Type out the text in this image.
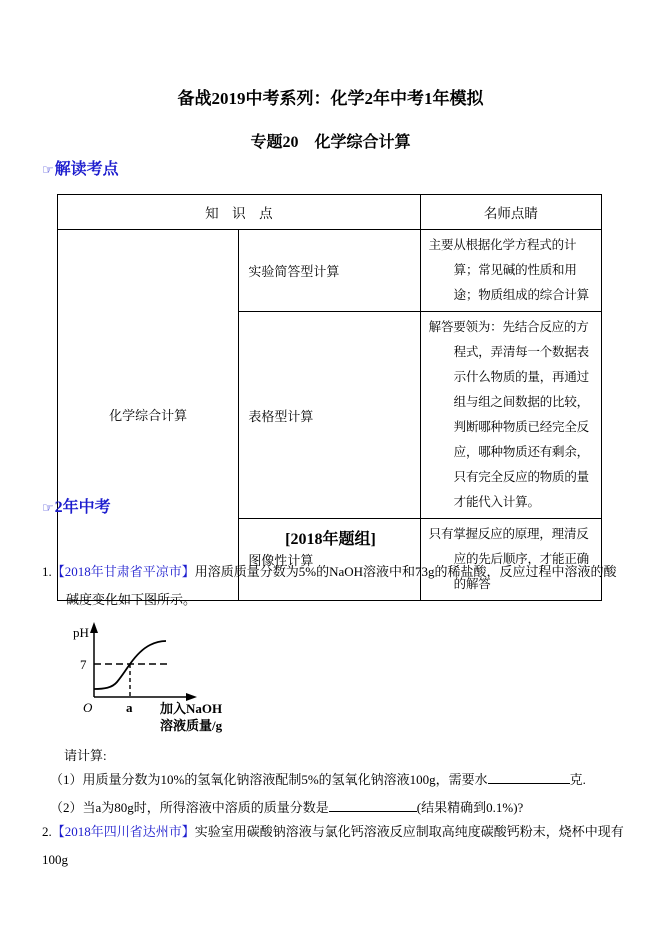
备战2019中考系列：化学2年中考1年模拟
专题20　化学综合计算
☞解读考点
知　识　点		名师点睛
化学综合计算	实验简答型计算	主要从根据化学方程式的计算；常见碱的性质和用途；物质组成的综合计算

	表格型计算	解答要领为：先结合反应的方程式，弄清每一个数据表示什么物质的量，再通过组与组之间数据的比较，判断哪种物质已经完全反应，哪种物质还有剩余，只有完全反应的物质的量才能代入计算。

	图像性计算	只有掌握反应的原理，理清反应的先后顺序，才能正确的解答
☞2年中考
[2018年题组]
1.【2018年甘肃省平凉市】用溶质质量分数为5%的NaOH溶液中和73g的稀盐酸，反应过程中溶液的酸碱度变化如下图所示。
pH
7
O	a 加入NaOH
溶液质量/g
请计算:
（1）用质量分数为10%的氢氧化钠溶液配制5%的氢氧化钠溶液100g，需要水	克.
（2）当a为80g时，所得溶液中溶质的质量分数是	(结果精确到0.1%)?
2.【2018年四川省达州市】实验室用碳酸钠溶液与氯化钙溶液反应制取高纯度碳酸钙粉末，烧杯中现有100g
